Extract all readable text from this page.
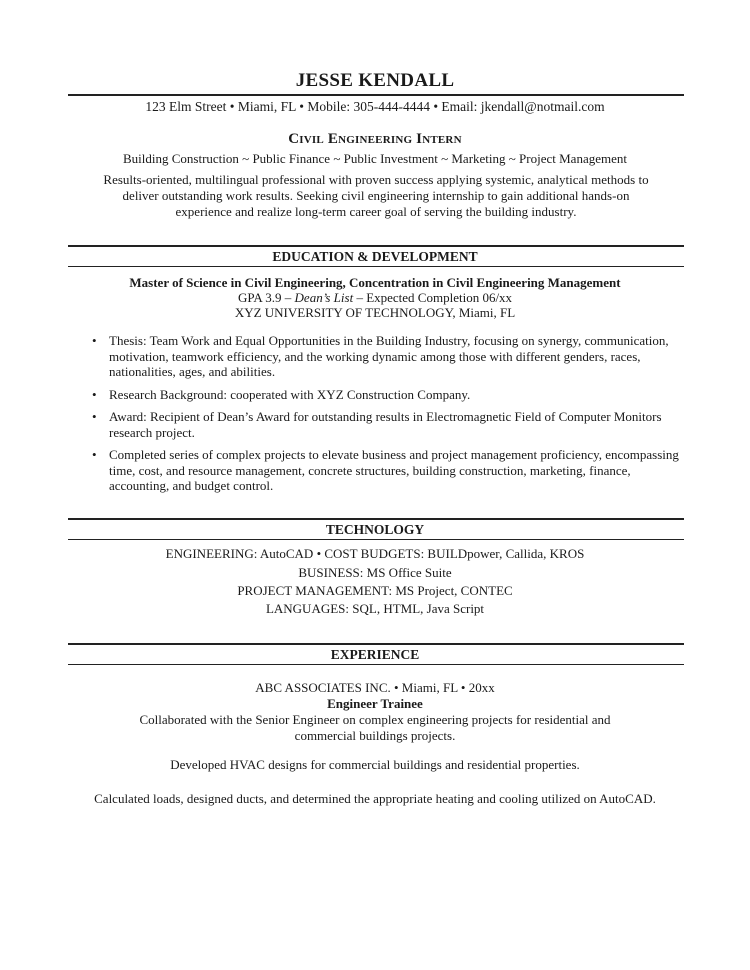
JESSE KENDALL
123 Elm Street • Miami, FL • Mobile: 305-444-4444 • Email: jkendall@notmail.com
Civil Engineering Intern
Building Construction ~ Public Finance ~ Public Investment ~ Marketing ~ Project Management
Results-oriented, multilingual professional with proven success applying systemic, analytical methods to deliver outstanding work results. Seeking civil engineering internship to gain additional hands-on experience and realize long-term career goal of serving the building industry.
EDUCATION & DEVELOPMENT
Master of Science in Civil Engineering, Concentration in Civil Engineering Management
GPA 3.9 – Dean’s List – Expected Completion 06/xx
XYZ UNIVERSITY OF TECHNOLOGY, Miami, FL
• Thesis: Team Work and Equal Opportunities in the Building Industry, focusing on synergy, communication, motivation, teamwork efficiency, and the working dynamic among those with different genders, races, nationalities, ages, and abilities.
• Research Background: cooperated with XYZ Construction Company.
• Award: Recipient of Dean’s Award for outstanding results in Electromagnetic Field of Computer Monitors research project.
• Completed series of complex projects to elevate business and project management proficiency, encompassing time, cost, and resource management, concrete structures, building construction, marketing, finance, accounting, and budget control.
TECHNOLOGY
ENGINEERING: AutoCAD • COST BUDGETS: BUILDpower, Callida, KROS
BUSINESS: MS Office Suite
PROJECT MANAGEMENT: MS Project, CONTEC
LANGUAGES: SQL, HTML, Java Script
EXPERIENCE
ABC ASSOCIATES INC. • Miami, FL • 20xx
Engineer Trainee
Collaborated with the Senior Engineer on complex engineering projects for residential and commercial buildings projects.
Developed HVAC designs for commercial buildings and residential properties.
Calculated loads, designed ducts, and determined the appropriate heating and cooling utilized on AutoCAD.
